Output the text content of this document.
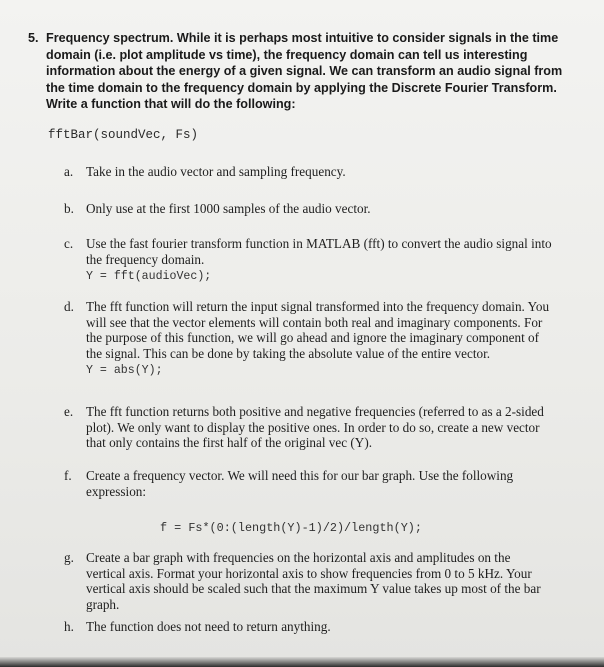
5. Frequency spectrum. While it is perhaps most intuitive to consider signals in the time domain (i.e. plot amplitude vs time), the frequency domain can tell us interesting information about the energy of a given signal. We can transform an audio signal from the time domain to the frequency domain by applying the Discrete Fourier Transform. Write a function that will do the following:
fftBar(soundVec, Fs)
a. Take in the audio vector and sampling frequency.
b. Only use at the first 1000 samples of the audio vector.
c. Use the fast fourier transform function in MATLAB (fft) to convert the audio signal into the frequency domain.
Y = fft(audioVec);
d. The fft function will return the input signal transformed into the frequency domain. You will see that the vector elements will contain both real and imaginary components. For the purpose of this function, we will go ahead and ignore the imaginary component of the signal. This can be done by taking the absolute value of the entire vector.
Y = abs(Y);
e. The fft function returns both positive and negative frequencies (referred to as a 2-sided plot). We only want to display the positive ones. In order to do so, create a new vector that only contains the first half of the original vec (Y).
f. Create a frequency vector. We will need this for our bar graph. Use the following expression:
f = Fs*(0:(length(Y)-1)/2)/length(Y);
g. Create a bar graph with frequencies on the horizontal axis and amplitudes on the vertical axis. Format your horizontal axis to show frequencies from 0 to 5 kHz. Your vertical axis should be scaled such that the maximum Y value takes up most of the bar graph.
h. The function does not need to return anything.
